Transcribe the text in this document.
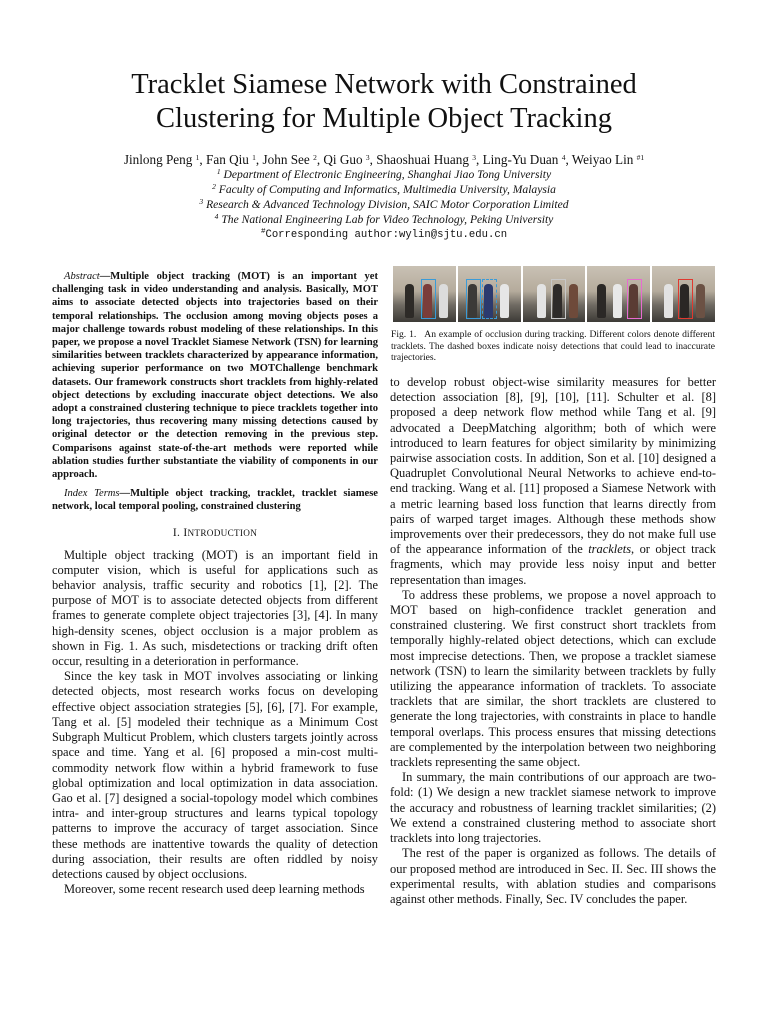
Tracklet Siamese Network with Constrained
Clustering for Multiple Object Tracking
Jinlong Peng $^1$, Fan Qiu $^1$, John See $^2$, Qi Guo $^3$, Shaoshuai Huang $^3$, Ling-Yu Duan $^4$, Weiyao Lin $^{\#1}$
$^1$ Department of Electronic Engineering, Shanghai Jiao Tong University
$^2$ Faculty of Computing and Informatics, Multimedia University, Malaysia
$^3$ Research & Advanced Technology Division, SAIC Motor Corporation Limited
$^4$ The National Engineering Lab for Video Technology, Peking University
#Corresponding author:wylin@sjtu.edu.cn

Abstract—Multiple object tracking (MOT) is an important yet challenging task in video understanding and analysis. Basically, MOT aims to associate detected objects into trajectories based on their temporal relationships. The occlusion among moving objects poses a major challenge towards robust modeling of these relationships. In this paper, we propose a novel Tracklet Siamese Network (TSN) for learning similarities between tracklets characterized by appearance information, achieving superior performance on two MOTChallenge benchmark datasets. Our framework constructs short tracklets from highly-related object detections by excluding inaccurate object detections. We also adopt a constrained clustering technique to piece tracklets together into long trajectories, thus recovering many missing detections caused by original detector or the detection removing in the previous step. Comparisons against state-of-the-art methods were reported while ablation studies further substantiate the viability of components in our approach.

Index Terms—Multiple object tracking, tracklet, tracklet siamese network, local temporal pooling, constrained clustering

I. INTRODUCTION

Multiple object tracking (MOT) is an important field in computer vision, which is useful for applications such as behavior analysis, traffic security and robotics [1], [2]. The purpose of MOT is to associate detected objects from different frames to generate complete object trajectories [3], [4]. In many high-density scenes, object occlusion is a major problem as shown in Fig. 1. As such, misdetections or tracking drift often occur, resulting in a deterioration in performance.

Since the key task in MOT involves associating or linking detected objects, most research works focus on developing effective object association strategies [5], [6], [7]. For example, Tang et al. [5] modeled their technique as a Minimum Cost Subgraph Multicut Problem, which clusters targets jointly across space and time. Yang et al. [6] proposed a min-cost multi-commodity network flow within a hybrid framework to fuse global optimization and local optimization in data association. Gao et al. [7] designed a social-topology model which combines intra- and inter-group structures and learns typical topology patterns to improve the accuracy of target association. Since these methods are inattentive towards the quality of detection during association, their results are often riddled by noisy detections caused by object occlusions.

Moreover, some recent research used deep learning methods

Fig. 1. An example of occlusion during tracking. Different colors denote different tracklets. The dashed boxes indicate noisy detections that could lead to inaccurate trajectories.

to develop robust object-wise similarity measures for better detection association [8], [9], [10], [11]. Schulter et al. [8] proposed a deep network flow method while Tang et al. [9] advocated a DeepMatching algorithm; both of which were introduced to learn features for object similarity by minimizing pairwise association costs. In addition, Son et al. [10] designed a Quadruplet Convolutional Neural Networks to achieve end-to-end tracking. Wang et al. [11] proposed a Siamese Network with a metric learning based loss function that learns directly from pairs of warped target images. Although these methods show improvements over their predecessors, they do not make full use of the appearance information of the tracklets, or object track fragments, which may provide less noisy input and better representation than images.

To address these problems, we propose a novel approach to MOT based on high-confidence tracklet generation and constrained clustering. We first construct short tracklets from temporally highly-related object detections, which can exclude most imprecise detections. Then, we propose a tracklet siamese network (TSN) to learn the similarity between tracklets by fully utilizing the appearance information of tracklets. To associate tracklets that are similar, the short tracklets are clustered to generate the long trajectories, with constraints in place to handle temporal overlaps. This process ensures that missing detections are complemented by the interpolation between two neighboring tracklets representing the same object.

In summary, the main contributions of our approach are two-fold: (1) We design a new tracklet siamese network to improve the accuracy and robustness of learning tracklet similarities; (2) We extend a constrained clustering method to associate short tracklets into long trajectories.

The rest of the paper is organized as follows. The details of our proposed method are introduced in Sec. II. Sec. III shows the experimental results, with ablation studies and comparisons against other methods. Finally, Sec. IV concludes the paper.
